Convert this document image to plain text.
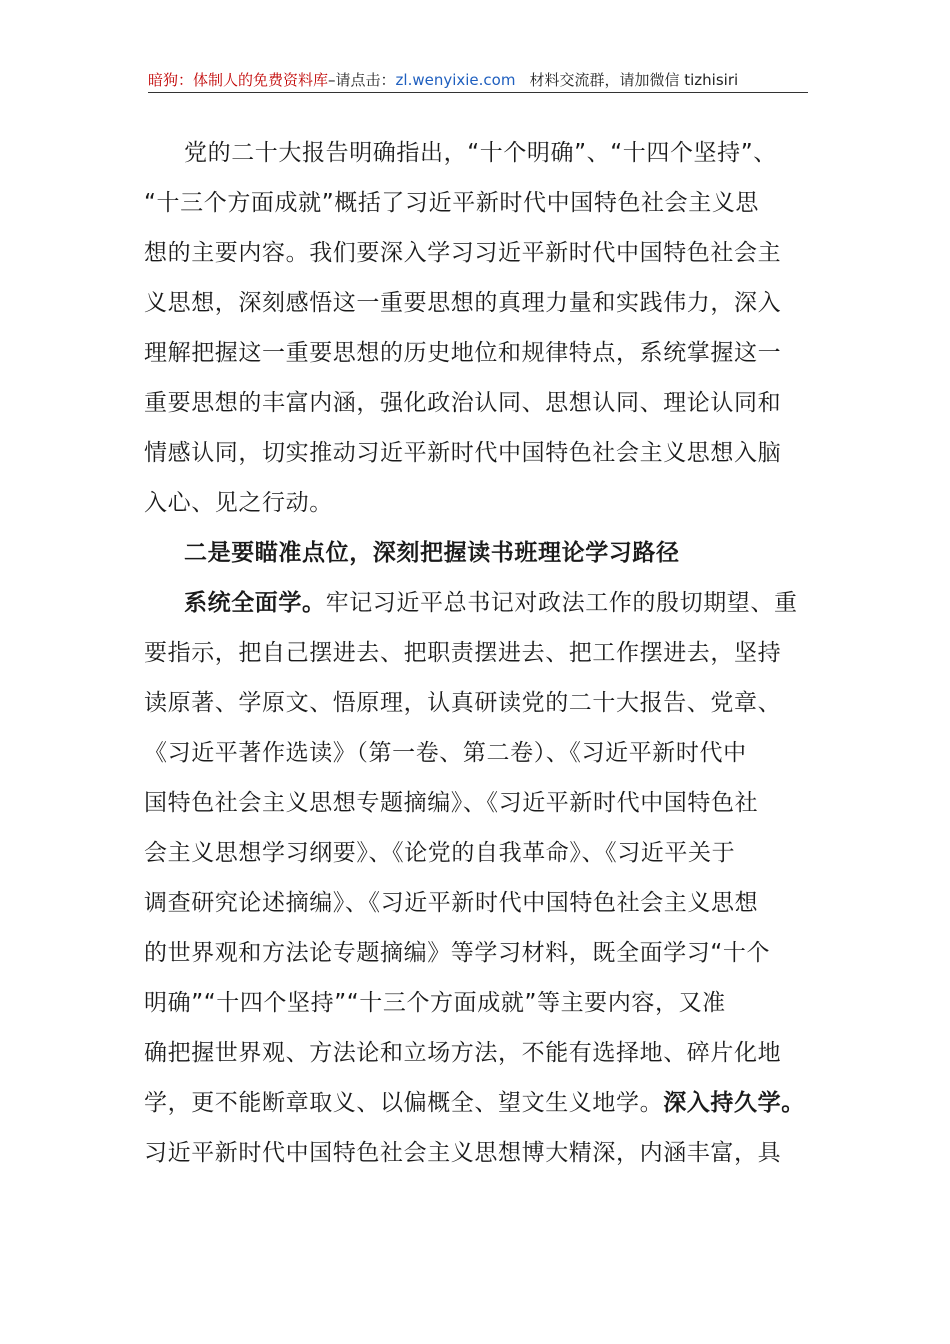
暗狗：体制人的免费资料库–请点击：zl.wenyixie.com 材料交流群，请加微信 tizhisiri
党的二十大报告明确指出，“十个明确”、“十四个坚持”、
“十三个方面成就”概括了习近平新时代中国特色社会主义思
想的主要内容。我们要深入学习习近平新时代中国特色社会主
义思想，深刻感悟这一重要思想的真理力量和实践伟力，深入
理解把握这一重要思想的历史地位和规律特点，系统掌握这一
重要思想的丰富内涵，强化政治认同、思想认同、理论认同和
情感认同，切实推动习近平新时代中国特色社会主义思想入脑
入心、见之行动。
二是要瞄准点位，深刻把握读书班理论学习路径
系统全面学。牢记习近平总书记对政法工作的殷切期望、重
要指示，把自己摆进去、把职责摆进去、把工作摆进去，坚持
读原著、学原文、悟原理，认真研读党的二十大报告、党章、
《习近平著作选读》（第一卷、第二卷）、《习近平新时代中
国特色社会主义思想专题摘编》、《习近平新时代中国特色社
会主义思想学习纲要》、《论党的自我革命》、《习近平关于
调查研究论述摘编》、《习近平新时代中国特色社会主义思想
的世界观和方法论专题摘编》等学习材料，既全面学习“十个
明确”“十四个坚持”“十三个方面成就”等主要内容，又准
确把握世界观、方法论和立场方法，不能有选择地、碎片化地
学，更不能断章取义、以偏概全、望文生义地学。深入持久学。
习近平新时代中国特色社会主义思想博大精深，内涵丰富，具
